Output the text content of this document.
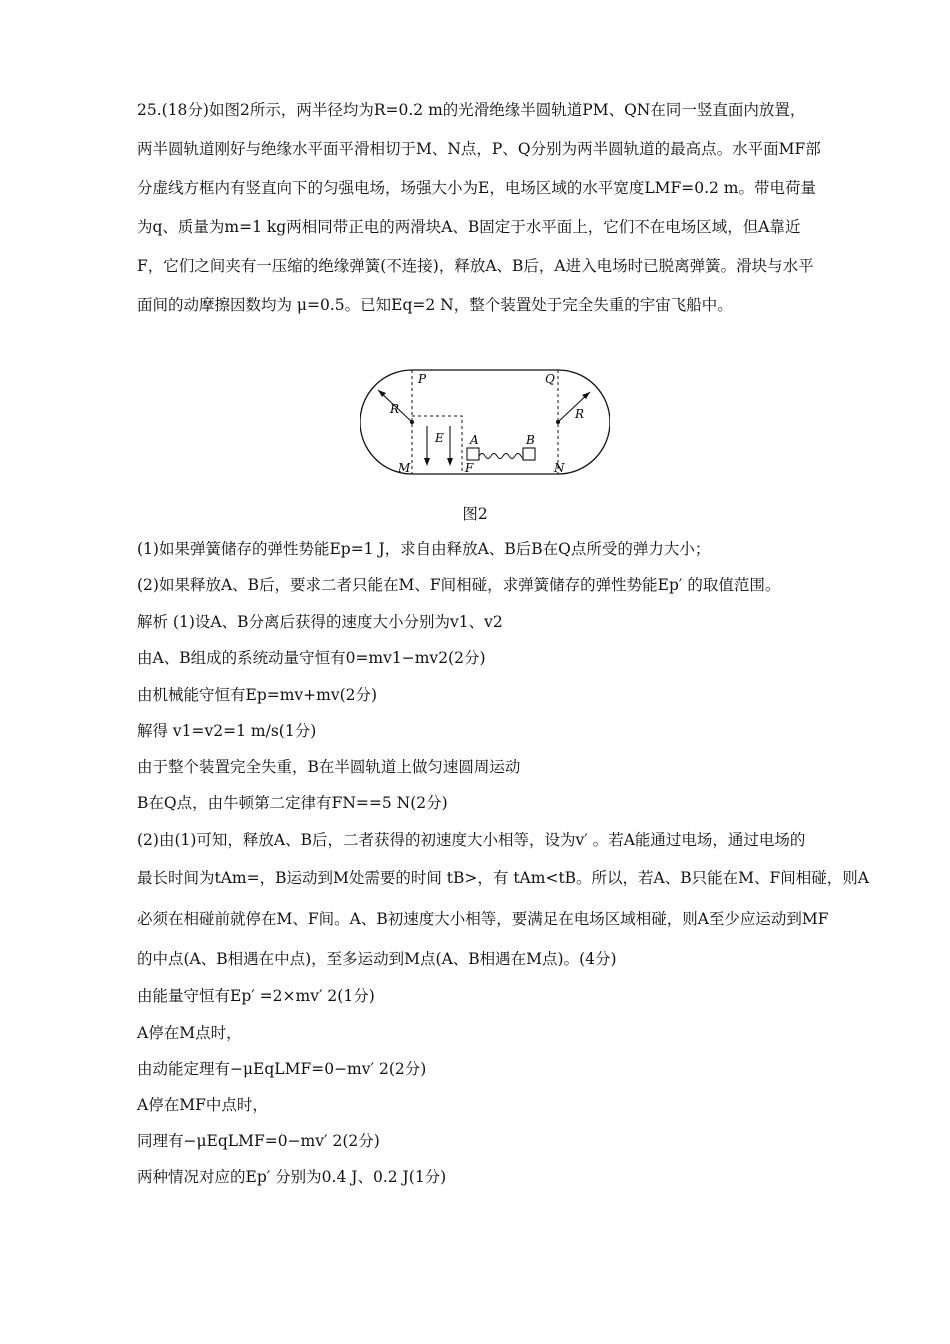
25.(18分)如图2所示，两半径均为R=0.2 m的光滑绝缘半圆轨道PM、QN在同一竖直面内放置，
两半圆轨道刚好与绝缘水平面平滑相切于M、N点，P、Q分别为两半圆轨道的最高点。水平面MF部
分虚线方框内有竖直向下的匀强电场，场强大小为E，电场区域的水平宽度LMF=0.2 m。带电荷量
为q、质量为m=1 kg两相同带正电的两滑块A、B固定于水平面上，它们不在电场区域，但A靠近
F，它们之间夹有一压缩的绝缘弹簧(不连接)，释放A、B后，A进入电场时已脱离弹簧。滑块与水平
面间的动摩擦因数均为 μ=0.5。已知Eq=2 N，整个装置处于完全失重的宇宙飞船中。
P	Q
R	R
E A	B
M	F	N
图2
(1)如果弹簧储存的弹性势能Ep=1 J，求自由释放A、B后B在Q点所受的弹力大小；
(2)如果释放A、B后，要求二者只能在M、F间相碰，求弹簧储存的弹性势能Ep′ 的取值范围。
解析 (1)设A、B分离后获得的速度大小分别为v1、v2
由A、B组成的系统动量守恒有0=mv1−mv2(2分)
由机械能守恒有Ep=mv+mv(2分)
解得 v1=v2=1 m/s(1分)
由于整个装置完全失重，B在半圆轨道上做匀速圆周运动
B在Q点，由牛顿第二定律有FN==5 N(2分)
(2)由(1)可知，释放A、B后，二者获得的初速度大小相等，设为v′ 。若A能通过电场，通过电场的
最长时间为tAm=，B运动到M处需要的时间 tB>，有 tAm<tB。所以，若A、B只能在M、F间相碰，则A
必须在相碰前就停在M、F间。A、B初速度大小相等，要满足在电场区域相碰，则A至少应运动到MF
的中点(A、B相遇在中点)，至多运动到M点(A、B相遇在M点)。(4分)
由能量守恒有Ep′ =2×mv′ 2(1分)
A停在M点时，
由动能定理有−μEqLMF=0−mv′ 2(2分)
A停在MF中点时，
同理有−μEqLMF=0−mv′ 2(2分)
两种情况对应的Ep′ 分别为0.4 J、0.2 J(1分)
